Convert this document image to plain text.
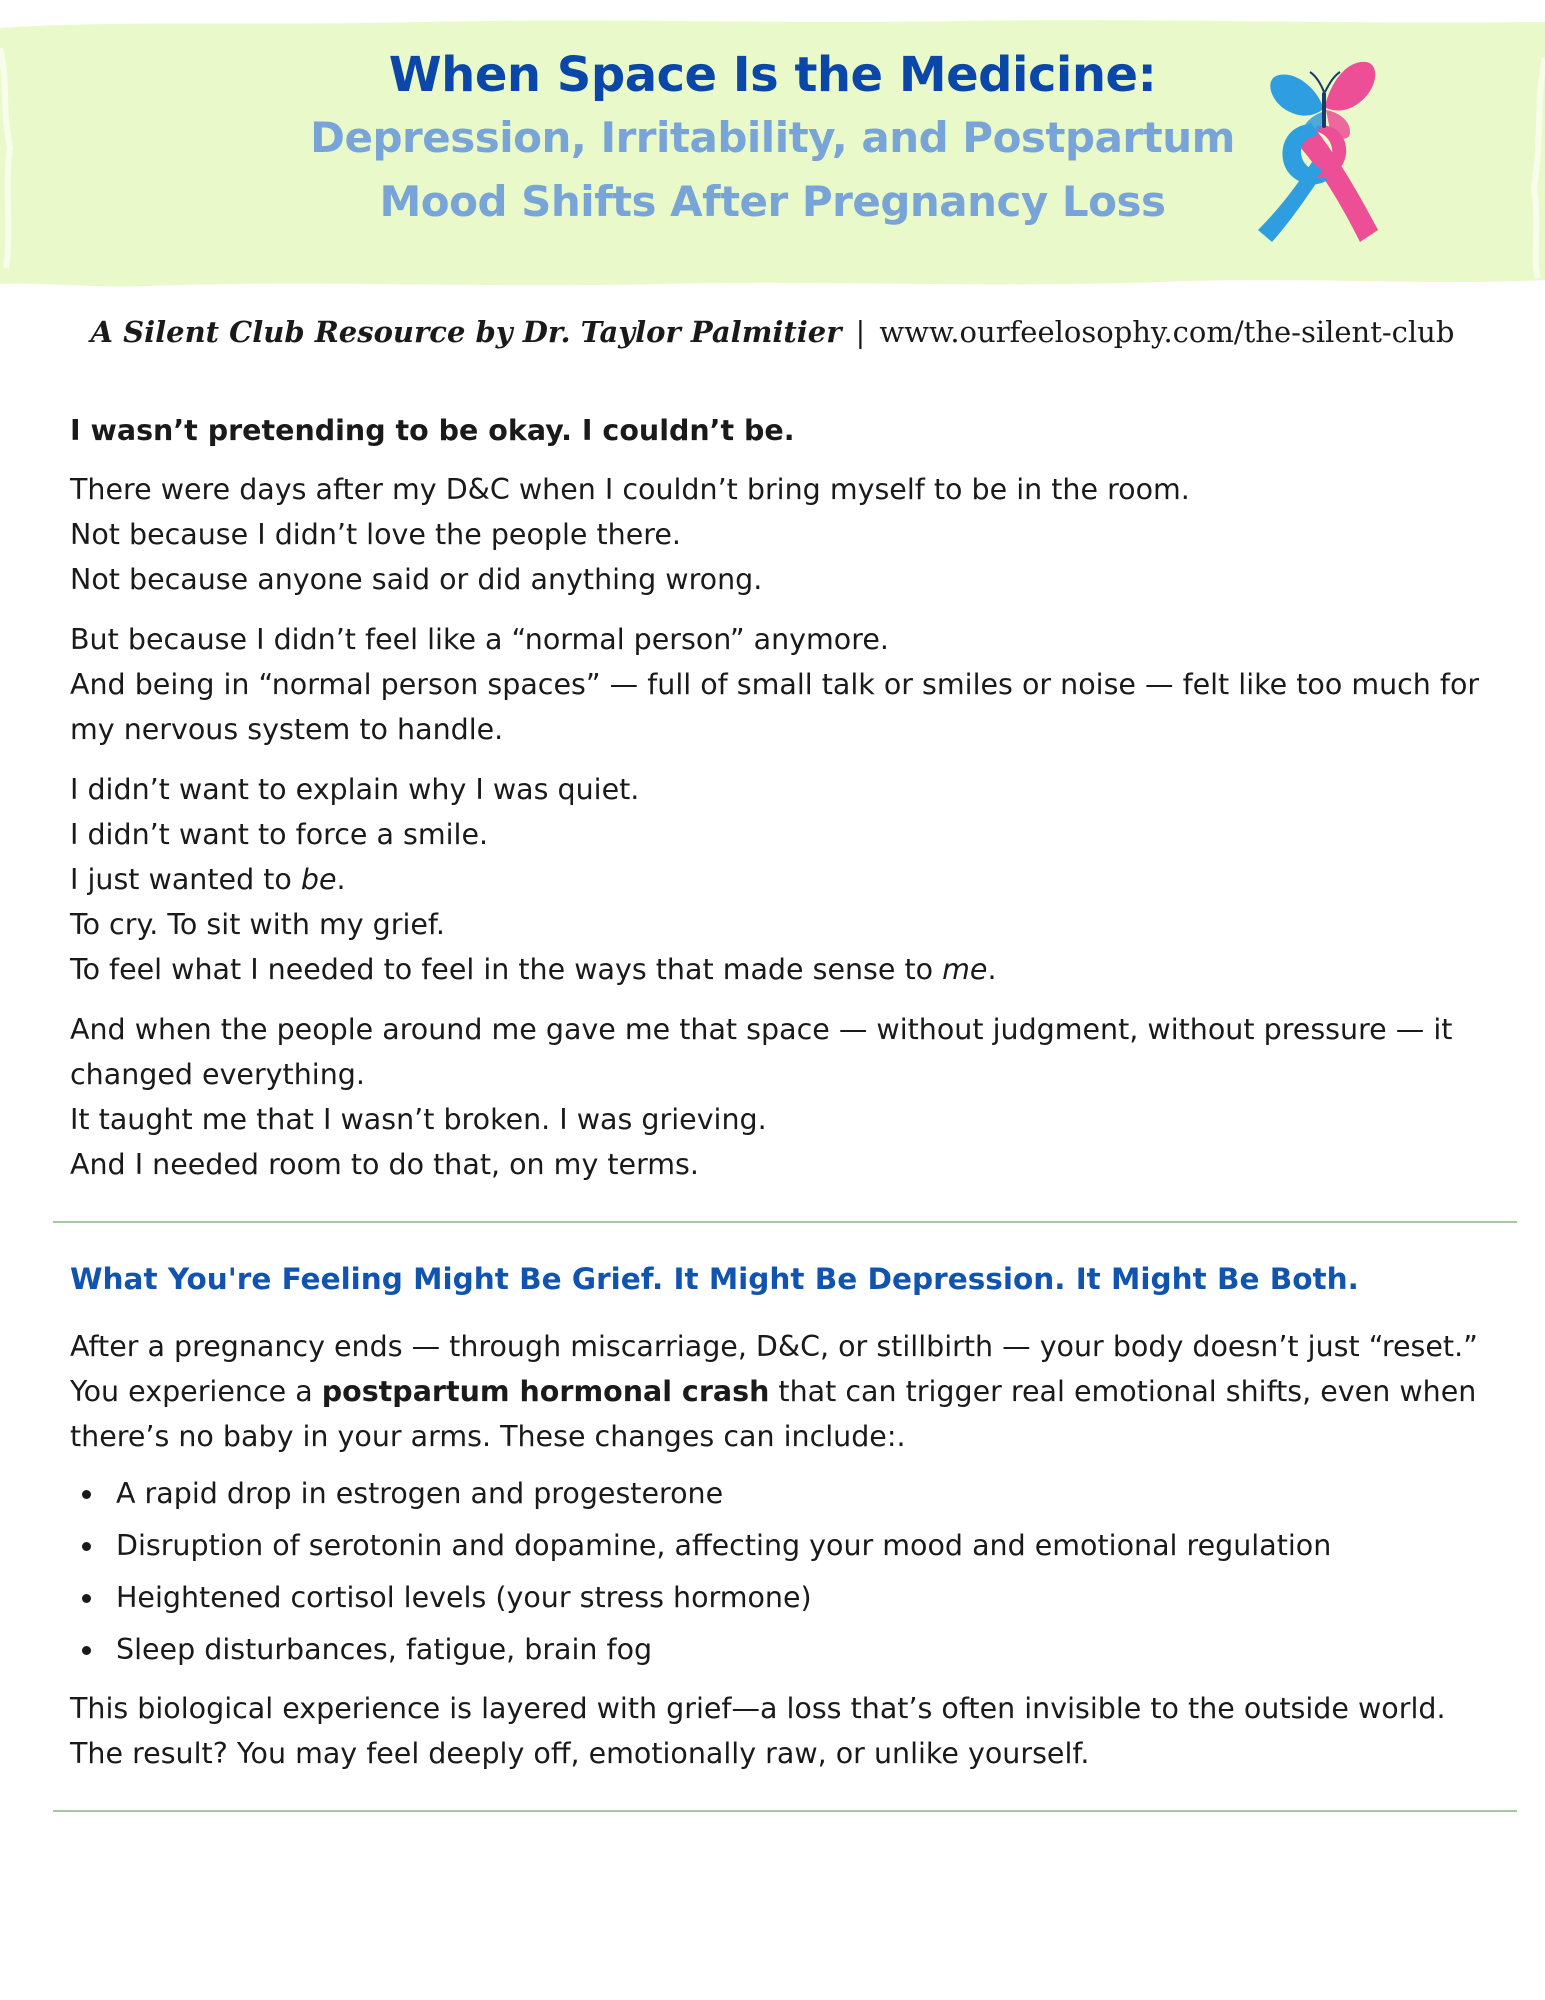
When Space Is the Medicine:
Depression, Irritability, and Postpartum
Mood Shifts After Pregnancy Loss
A Silent Club Resource by Dr. Taylor Palmitier | www.ourfeelosophy.com/the-silent-club

I wasn’t pretending to be okay. I couldn’t be.

There were days after my D&C when I couldn’t bring myself to be in the room.
Not because I didn’t love the people there.
Not because anyone said or did anything wrong.

But because I didn’t feel like a “normal person” anymore.
And being in “normal person spaces” — full of small talk or smiles or noise — felt like too much for my nervous system to handle.

I didn’t want to explain why I was quiet.
I didn’t want to force a smile.
I just wanted to be.
To cry. To sit with my grief.
To feel what I needed to feel in the ways that made sense to me.

And when the people around me gave me that space — without judgment, without pressure — it changed everything.
It taught me that I wasn’t broken. I was grieving.
And I needed room to do that, on my terms.

What You're Feeling Might Be Grief. It Might Be Depression. It Might Be Both.

After a pregnancy ends — through miscarriage, D&C, or stillbirth — your body doesn’t just “reset.” You experience a postpartum hormonal crash that can trigger real emotional shifts, even when there’s no baby in your arms. These changes can include:.

A rapid drop in estrogen and progesterone
Disruption of serotonin and dopamine, affecting your mood and emotional regulation
Heightened cortisol levels (your stress hormone)
Sleep disturbances, fatigue, brain fog

This biological experience is layered with grief—a loss that’s often invisible to the outside world. The result? You may feel deeply off, emotionally raw, or unlike yourself.
